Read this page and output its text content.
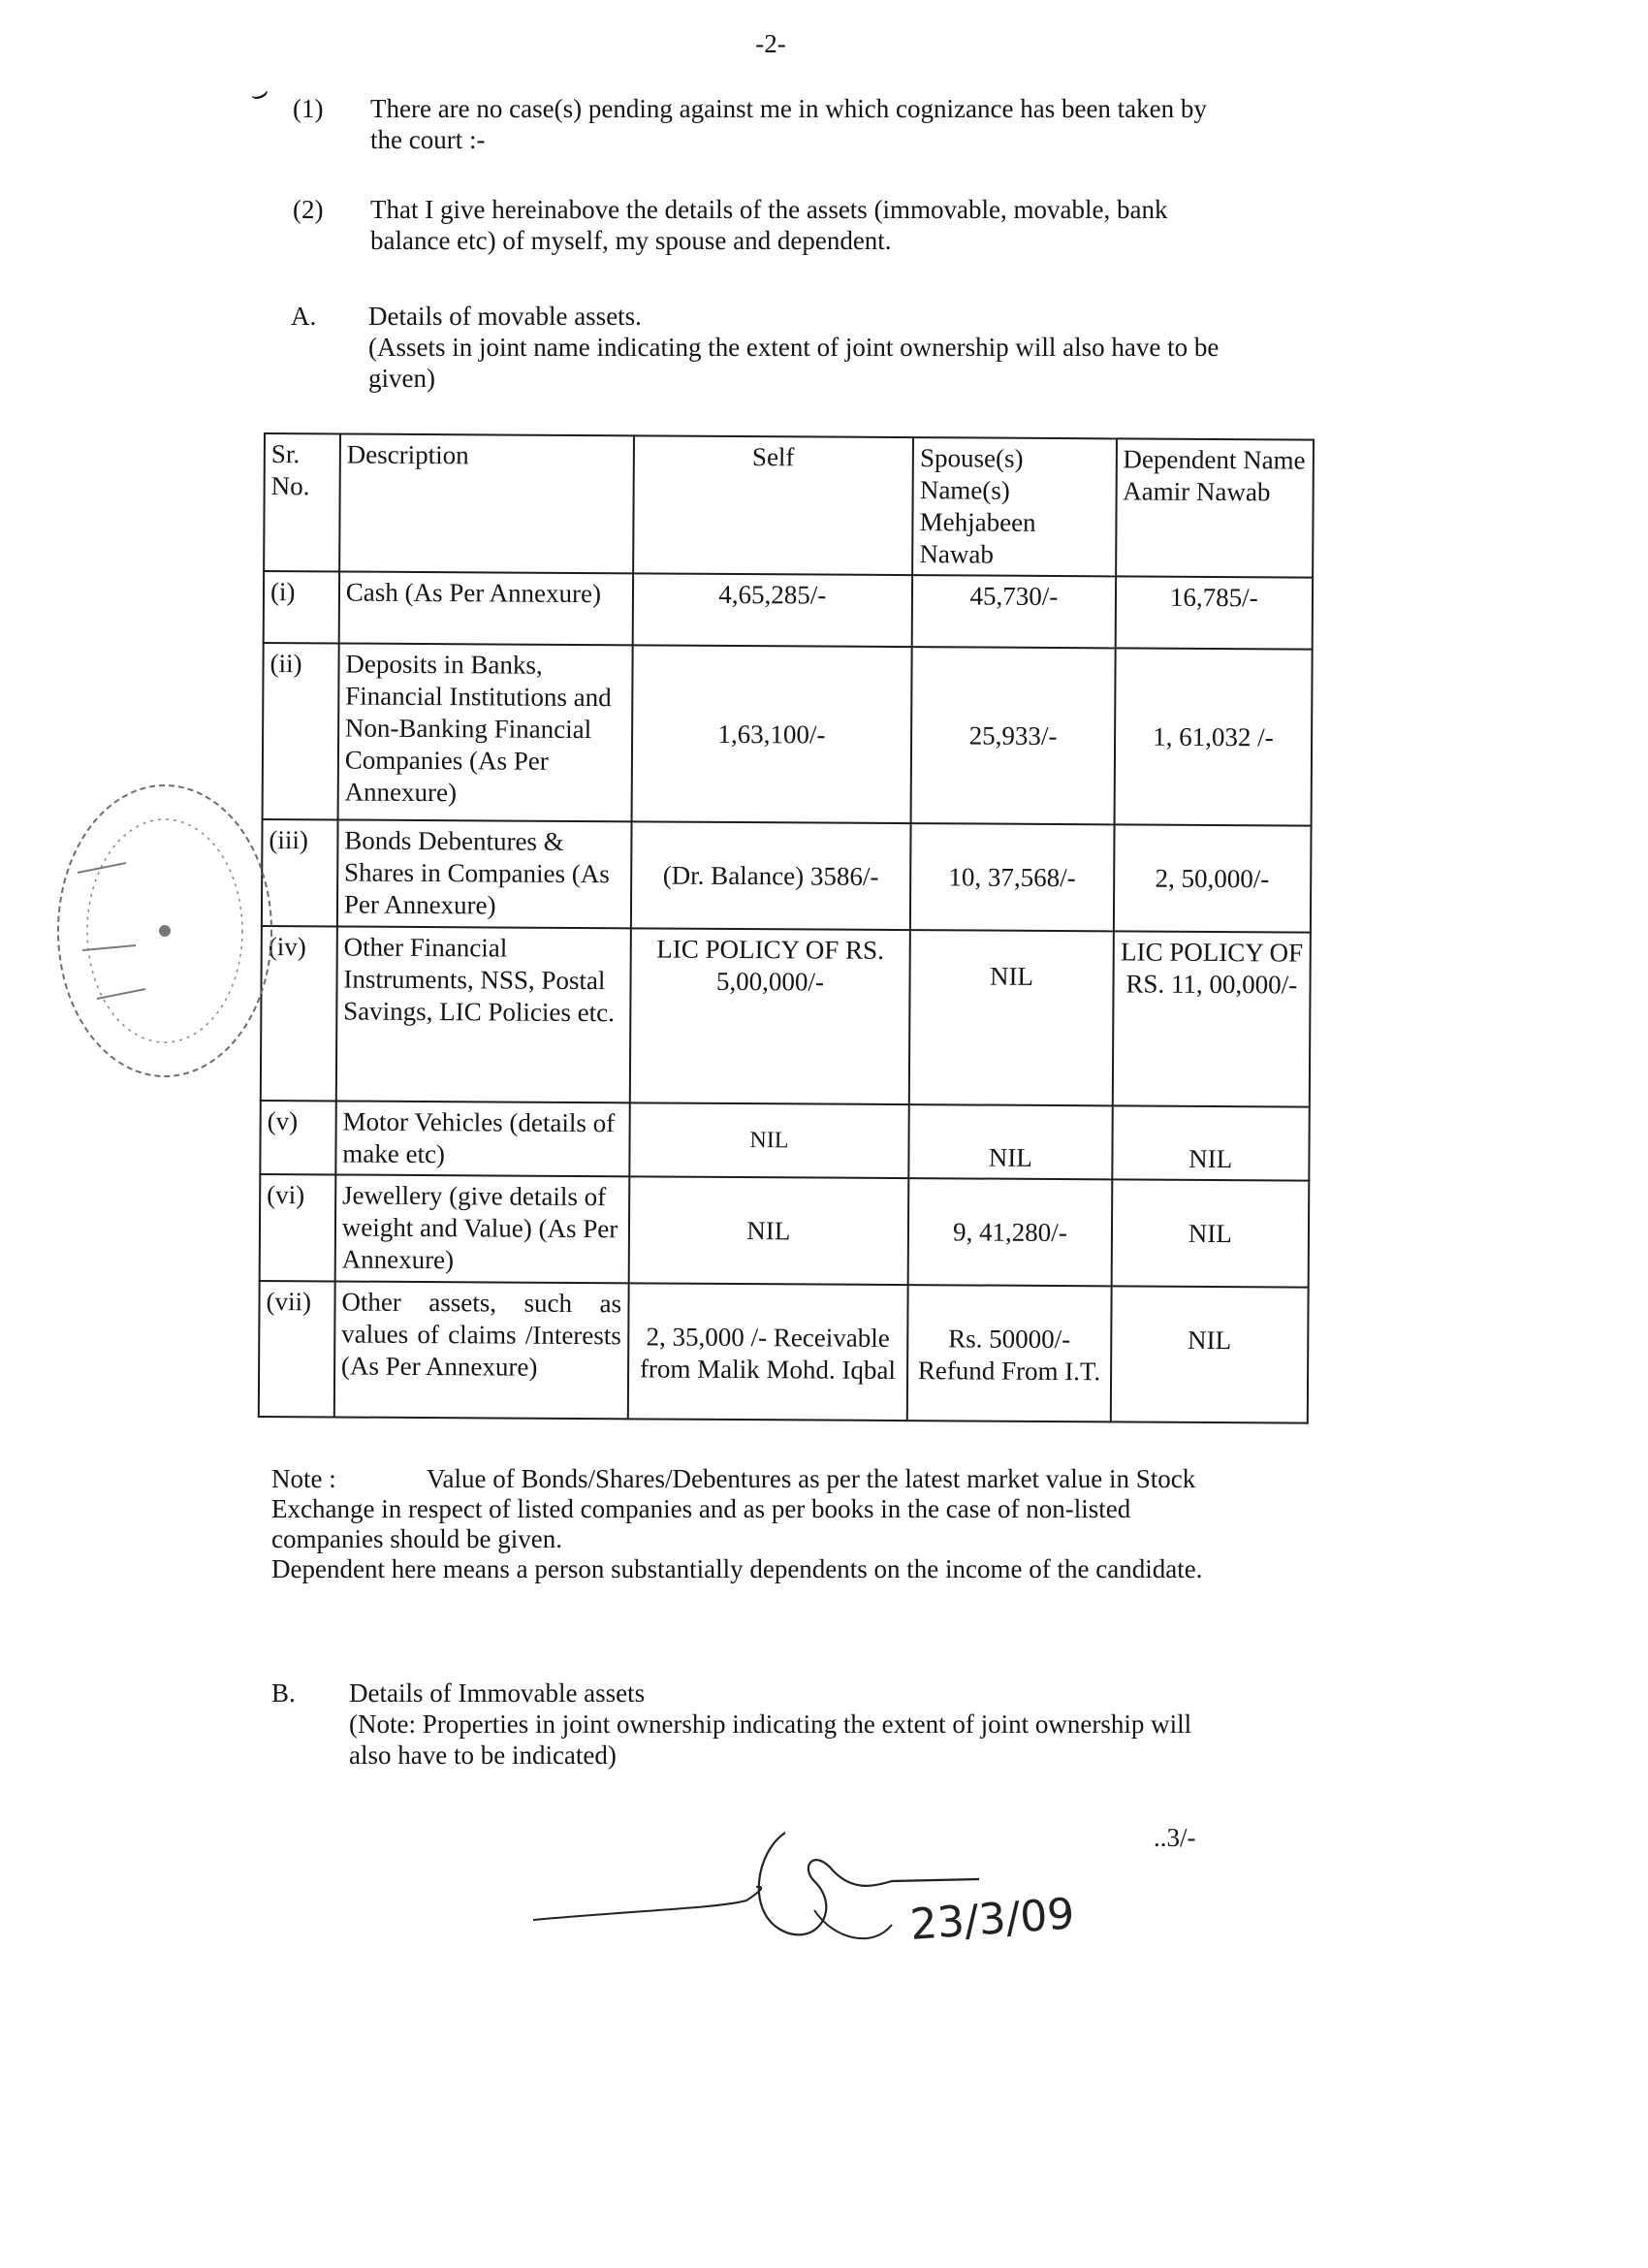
-2-
⌣ (1) There are no case(s) pending against me in which cognizance has been taken by the court :-
(2) That I give hereinabove the details of the assets (immovable, movable, bank balance etc) of myself, my spouse and dependent.
A. Details of movable assets.
(Assets in joint name indicating the extent of joint ownership will also have to be given)
Sr. No.	Description	Self	Spouse(s) Name(s) Mehjabeen Nawab	Dependent Name Aamir Nawab
(i)	Cash (As Per Annexure)	4,65,285/-	45,730/-	16,785/-
(ii)	Deposits in Banks, Financial Institutions and Non-Banking Financial Companies (As Per Annexure)	1,63,100/-	25,933/-	1, 61,032 /-
(iii)	Bonds Debentures & Shares in Companies (As Per Annexure)	(Dr. Balance) 3586/-	10, 37,568/-	2, 50,000/-
(iv)	Other Financial Instruments, NSS, Postal Savings, LIC Policies etc.	LIC POLICY OF RS. 5,00,000/-	NIL	LIC POLICY OF RS. 11, 00,000/-
(v)	Motor Vehicles (details of make etc)	NIL	NIL	NIL
(vi)	Jewellery (give details of weight and Value) (As Per Annexure)	NIL	9, 41,280/-	NIL
(vii)	Other assets, such as values of claims /Interests (As Per Annexure)	2, 35,000 /- Receivable from Malik Mohd. Iqbal	Rs. 50000/- Refund From I.T.	NIL
Note :	Value of Bonds/Shares/Debentures as per the latest market value in Stock Exchange in respect of listed companies and as per books in the case of non-listed companies should be given.
Dependent here means a person substantially dependents on the income of the candidate.
B. Details of Immovable assets
(Note: Properties in joint ownership indicating the extent of joint ownership will also have to be indicated)
..3/-
23/3/09
